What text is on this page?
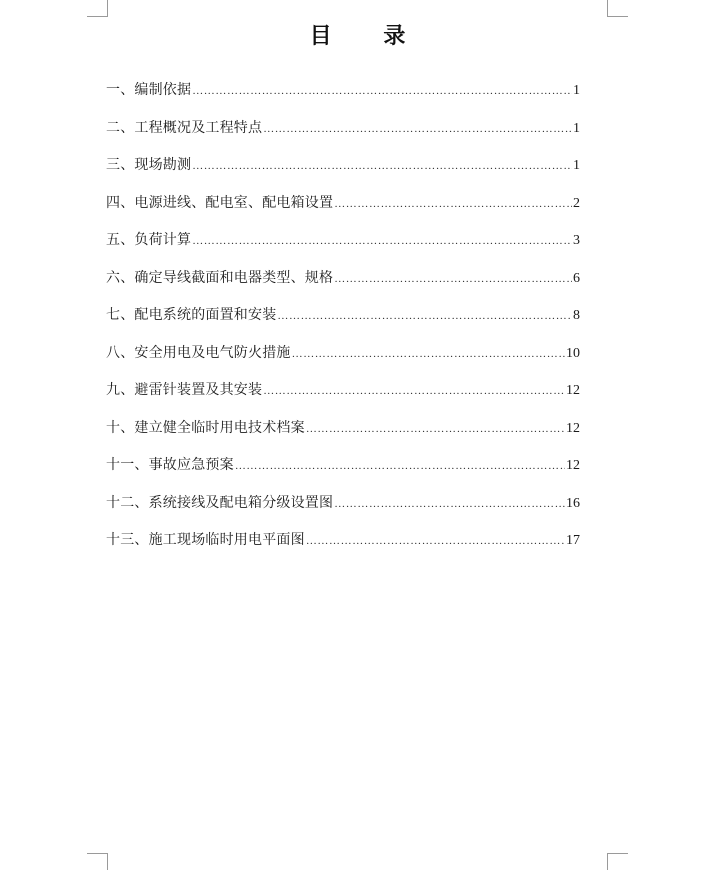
目 录
一、编制依据 ………………………………………………………………………………………………………………………………………………………………	1
二、工程概况及工程特点 ………………………………………………………………………………………………………………………………………………………………	1
三、现场勘测 ………………………………………………………………………………………………………………………………………………………………	1
四、电源进线、配电室、配电箱设置 ………………………………………………………………………………………………………………………………………………………………	2
五、负荷计算 ………………………………………………………………………………………………………………………………………………………………	3
六、确定导线截面和电器类型、规格 ………………………………………………………………………………………………………………………………………………………………	6
七、配电系统的面置和安装 ………………………………………………………………………………………………………………………………………………………………	8
八、安全用电及电气防火措施 ………………………………………………………………………………………………………………………………………………………………	10
九、避雷针装置及其安装 ………………………………………………………………………………………………………………………………………………………………	12
十、建立健全临时用电技术档案 ………………………………………………………………………………………………………………………………………………………………	12
十一、事故应急预案 ………………………………………………………………………………………………………………………………………………………………	12
十二、系统接线及配电箱分级设置图 ………………………………………………………………………………………………………………………………………………………………	16
十三、施工现场临时用电平面图 ………………………………………………………………………………………………………………………………………………………………	17
